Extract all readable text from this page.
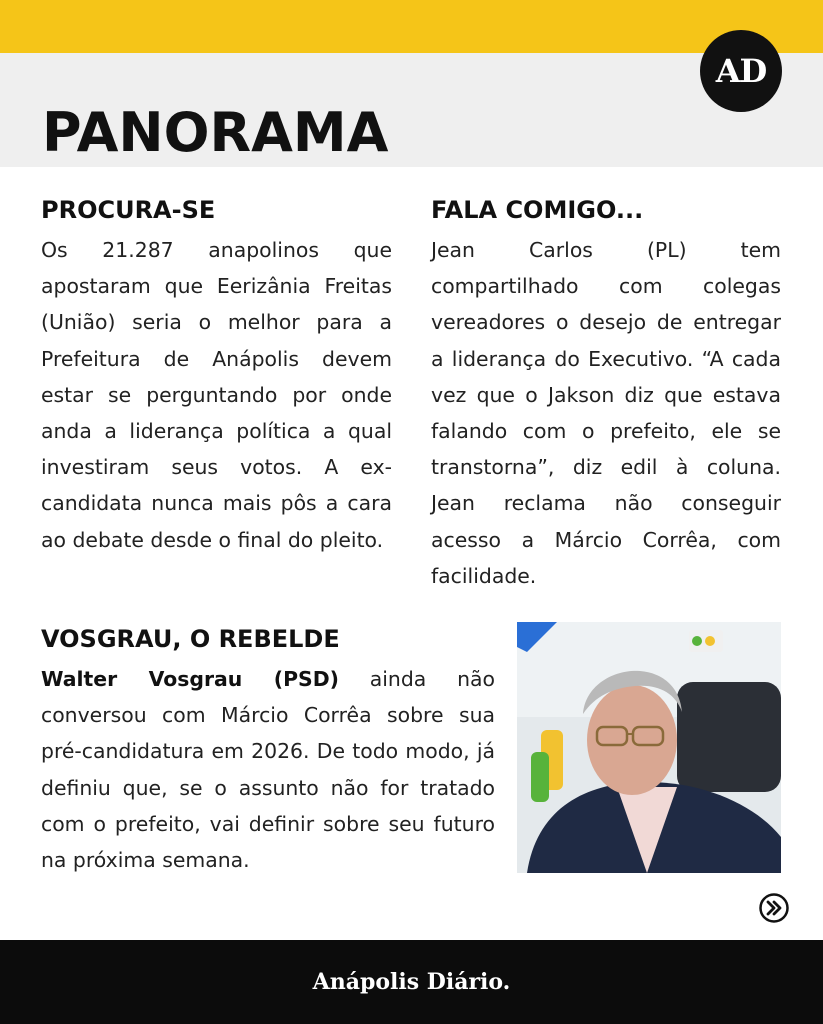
PANORAMA
AD
PROCURA-SE

Os 21.287 anapolinos que apostaram que Eerizânia Freitas (União) seria o melhor para a Prefeitura de Anápolis devem estar se perguntando por onde anda a liderança política a qual investiram seus votos. A ex-candidata nunca mais pôs a cara ao debate desde o final do pleito.

FALA COMIGO...

Jean Carlos (PL) tem compartilhado com colegas vereadores o desejo de entregar a liderança do Executivo. “A cada vez que o Jakson diz que estava falando com o prefeito, ele se transtorna”, diz edil à coluna. Jean reclama não conseguir acesso a Márcio Corrêa, com facilidade.

VOSGRAU, O REBELDE

Walter Vosgrau (PSD) ainda não conversou com Márcio Corrêa sobre sua pré-candidatura em 2026. De todo modo, já definiu que, se o assunto não for tratado com o prefeito, vai definir sobre seu futuro na próxima semana.

Anápolis Diário.
